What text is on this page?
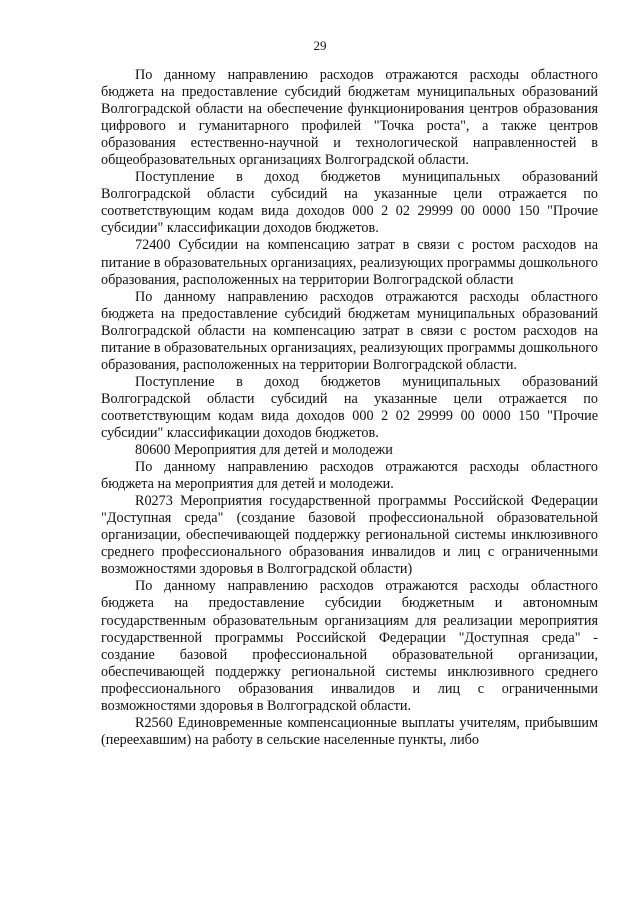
29

По данному направлению расходов отражаются расходы областного бюджета на предоставление субсидий бюджетам муниципальных образований Волгоградской области на обеспечение функционирования центров образования цифрового и гуманитарного профилей "Точка роста", а также центров образования естественно-научной и технологической направленностей в общеобразовательных организациях Волгоградской области.

Поступление в доход бюджетов муниципальных образований Волгоградской области субсидий на указанные цели отражается по соответствующим кодам вида доходов 000 2 02 29999 00 0000 150 "Прочие субсидии" классификации доходов бюджетов.

72400 Субсидии на компенсацию затрат в связи с ростом расходов на питание в образовательных организациях, реализующих программы дошкольного образования, расположенных на территории Волгоградской области

По данному направлению расходов отражаются расходы областного бюджета на предоставление субсидий бюджетам муниципальных образований Волгоградской области на компенсацию затрат в связи с ростом расходов на питание в образовательных организациях, реализующих программы дошкольного образования, расположенных на территории Волгоградской области.

Поступление в доход бюджетов муниципальных образований Волгоградской области субсидий на указанные цели отражается по соответствующим кодам вида доходов 000 2 02 29999 00 0000 150 "Прочие субсидии" классификации доходов бюджетов.

80600 Мероприятия для детей и молодежи

По данному направлению расходов отражаются расходы областного бюджета на мероприятия для детей и молодежи.

R0273 Мероприятия государственной программы Российской Федерации "Доступная среда" (создание базовой профессиональной образовательной организации, обеспечивающей поддержку региональной системы инклюзивного среднего профессионального образования инвалидов и лиц с ограниченными возможностями здоровья в Волгоградской области)

По данному направлению расходов отражаются расходы областного бюджета на предоставление субсидии бюджетным и автономным государственным образовательным организациям для реализации мероприятия государственной программы Российской Федерации "Доступная среда" - создание базовой профессиональной образовательной организации, обеспечивающей поддержку региональной системы инклюзивного среднего профессионального образования инвалидов и лиц с ограниченными возможностями здоровья в Волгоградской области.

R2560 Единовременные компенсационные выплаты учителям, прибывшим (переехавшим) на работу в сельские населенные пункты, либо
